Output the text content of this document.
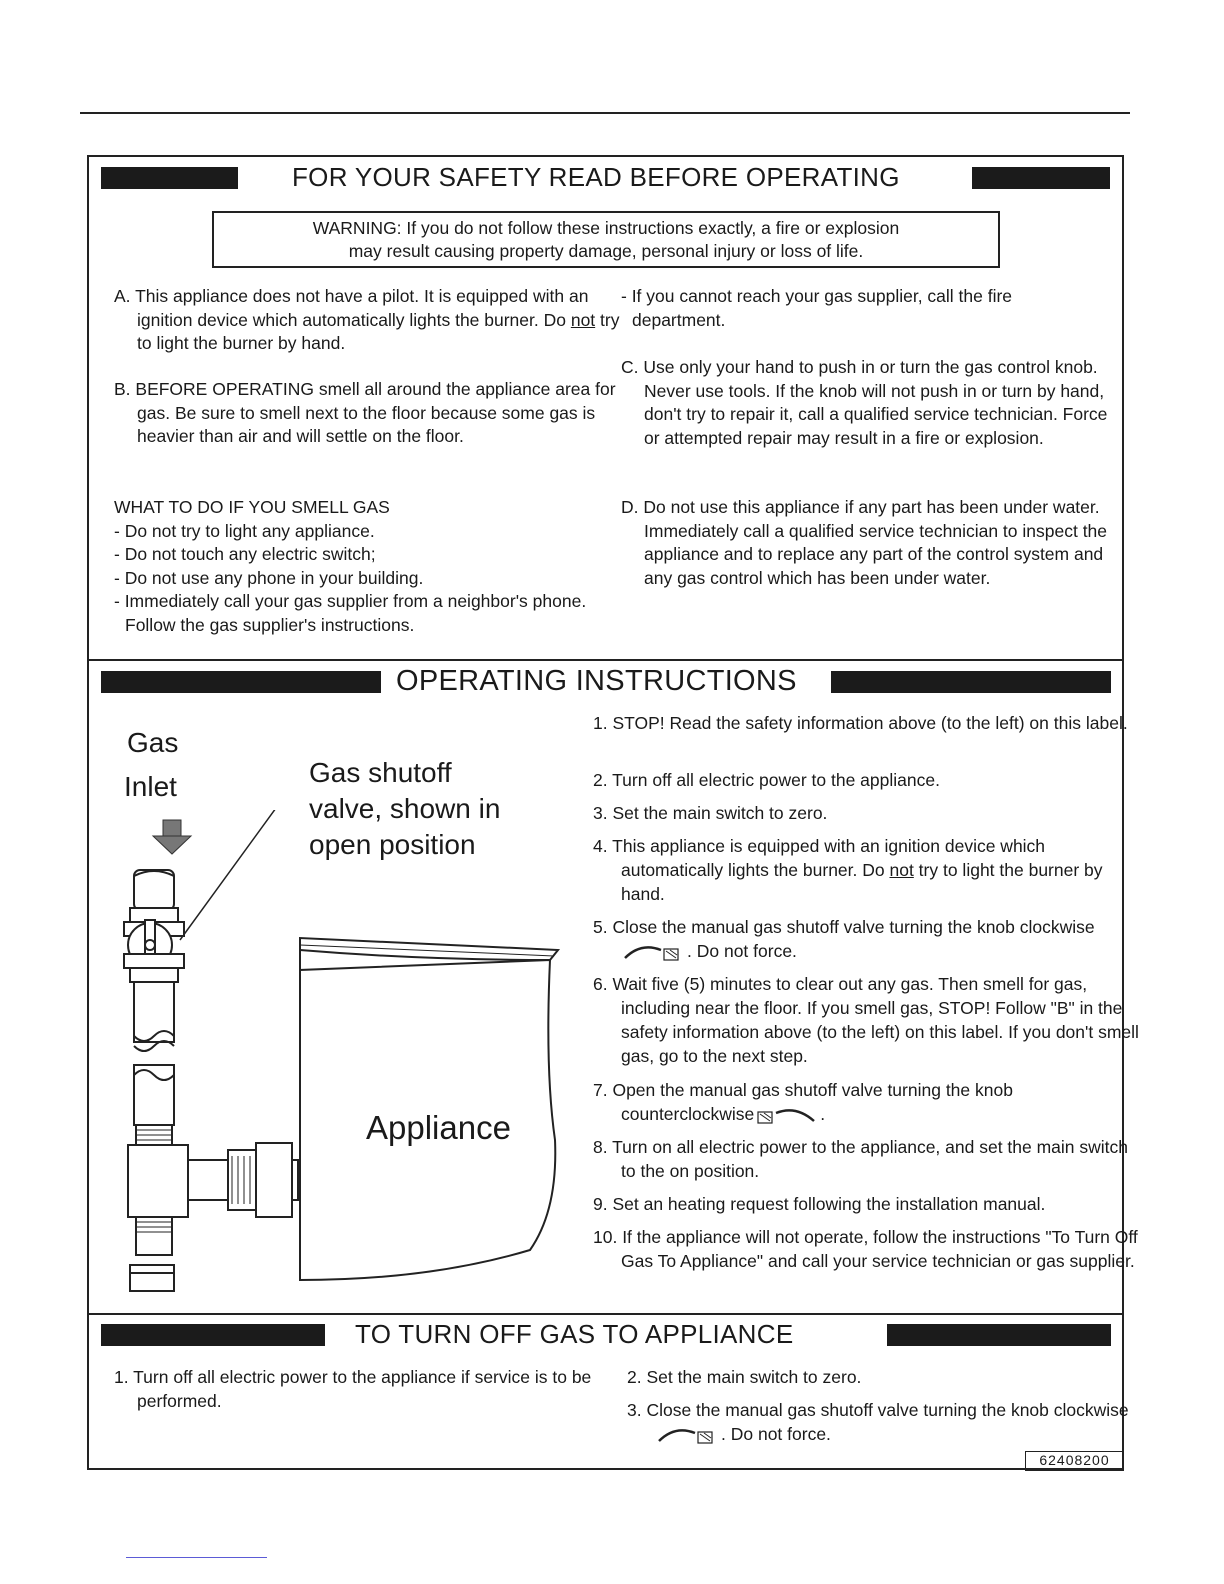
FOR YOUR SAFETY READ BEFORE OPERATING
WARNING: If you do not follow these instructions exactly, a fire or explosion
may result causing property damage, personal injury or loss of life.
A. This appliance does not have a pilot. It is equipped with an ignition device which automatically lights the burner. Do not try to light the burner by hand.
B. BEFORE OPERATING smell all around the appliance area for gas. Be sure to smell next to the floor because some gas is heavier than air and will settle on the floor.

WHAT TO DO IF YOU SMELL GAS

- Do not try to light any appliance.

- Do not touch any electric switch;

- Do not use any phone in your building.

- Immediately call your gas supplier from a neighbor's phone. Follow the gas supplier's instructions.

- If you cannot reach your gas supplier, call the fire department.
C. Use only your hand to push in or turn the gas control knob. Never use tools. If the knob will not push in or turn by hand, don't try to repair it, call a qualified service technician. Force or attempted repair may result in a fire or explosion.
D. Do not use this appliance if any part has been under water. Immediately call a qualified service technician to inspect the appliance and to replace any part of the control system and any gas control which has been under water.
OPERATING INSTRUCTIONS
Gas
Inlet	Gas shutoff
valve, shown in
open position
Appliance
1. STOP! Read the safety information above (to the left) on this label.
2. Turn off all electric power to the appliance.
3. Set the main switch to zero.
4. This appliance is equipped with an ignition device which automatically lights the burner. Do not try to light the burner by hand.
5. Close the manual gas shutoff valve turning the knob clockwise. Do not force.
6. Wait five (5) minutes to clear out any gas. Then smell for gas, including near the floor. If you smell gas, STOP! Follow "B" in the safety information above (to the left) on this label. If you don't smell gas, go to the next step.
7. Open the manual gas shutoff valve turning the knob counterclockwise	.
8. Turn on all electric power to the appliance, and set the main switch to the on position.
9. Set an heating request following the installation manual.
10. If the appliance will not operate, follow the instructions "To Turn Off Gas To Appliance" and call your service technician or gas supplier.
TO TURN OFF GAS TO APPLIANCE
1. Turn off all electric power to the appliance if service is to be performed.
2. Set the main switch to zero.
3. Close the manual gas shutoff valve turning the knob clockwise . Do not force.
62408200
